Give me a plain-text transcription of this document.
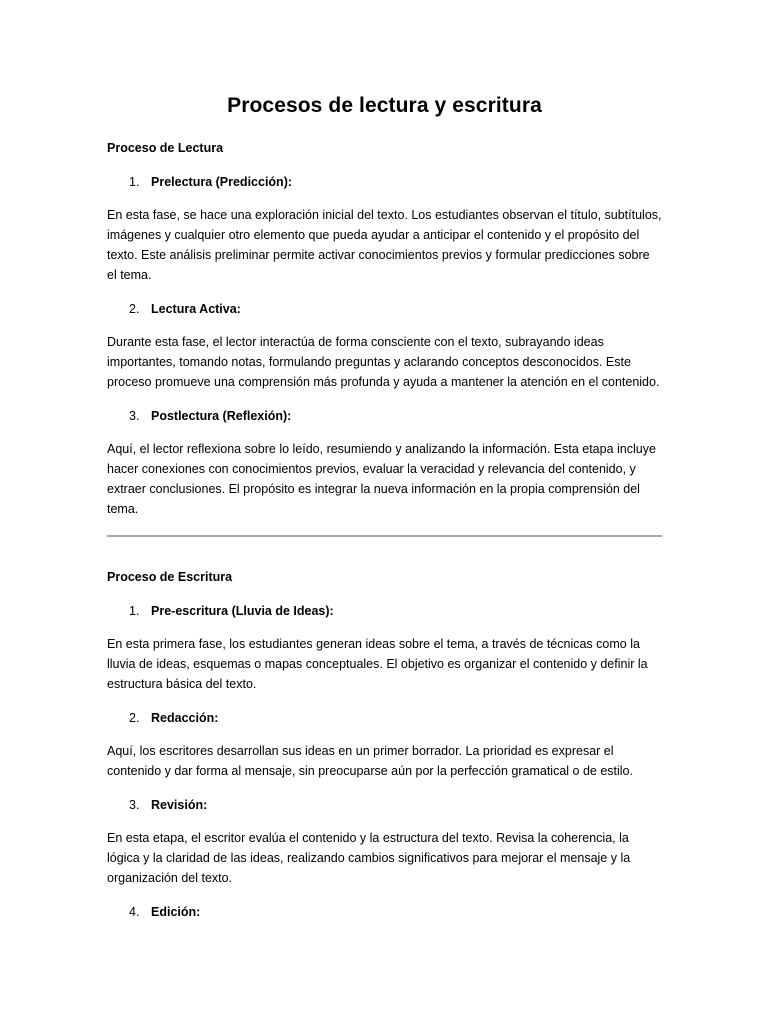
Procesos de lectura y escritura
Proceso de Lectura
1. Prelectura (Predicción):

En esta fase, se hace una exploración inicial del texto. Los estudiantes observan el título, subtítulos, imágenes y cualquier otro elemento que pueda ayudar a anticipar el contenido y el propósito del texto. Este análisis preliminar permite activar conocimientos previos y formular predicciones sobre el tema.

2. Lectura Activa:

Durante esta fase, el lector interactúa de forma consciente con el texto, subrayando ideas importantes, tomando notas, formulando preguntas y aclarando conceptos desconocidos. Este proceso promueve una comprensión más profunda y ayuda a mantener la atención en el contenido.

3. Postlectura (Reflexión):

Aquí, el lector reflexiona sobre lo leído, resumiendo y analizando la información. Esta etapa incluye hacer conexiones con conocimientos previos, evaluar la veracidad y relevancia del contenido, y extraer conclusiones. El propósito es integrar la nueva información en la propia comprensión del tema.

Proceso de Escritura
1. Pre-escritura (Lluvia de Ideas):

En esta primera fase, los estudiantes generan ideas sobre el tema, a través de técnicas como la lluvia de ideas, esquemas o mapas conceptuales. El objetivo es organizar el contenido y definir la estructura básica del texto.

2. Redacción:

Aquí, los escritores desarrollan sus ideas en un primer borrador. La prioridad es expresar el contenido y dar forma al mensaje, sin preocuparse aún por la perfección gramatical o de estilo.

3. Revisión:

En esta etapa, el escritor evalúa el contenido y la estructura del texto. Revisa la coherencia, la lógica y la claridad de las ideas, realizando cambios significativos para mejorar el mensaje y la organización del texto.

4. Edición:
